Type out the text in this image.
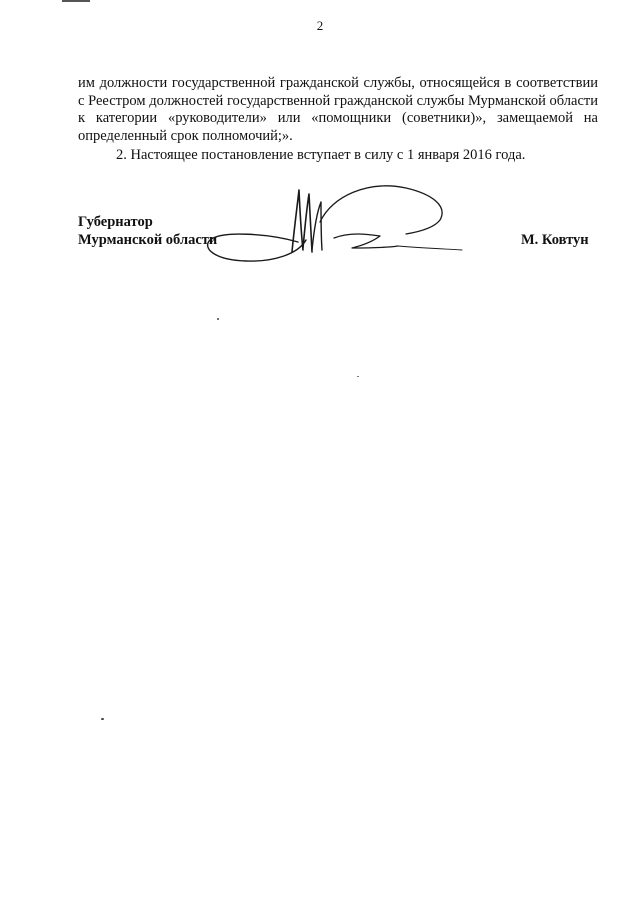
2

им должности государственной гражданской службы, относящейся в соответствии с Реестром должностей государственной гражданской службы Мурманской области к категории «руководители» или «помощники (советники)», замещаемой на определенный срок полномочий;».

2. Настоящее постановление вступает в силу с 1 января 2016 года.

Губернатор
Мурманской области	М. Ковтун
